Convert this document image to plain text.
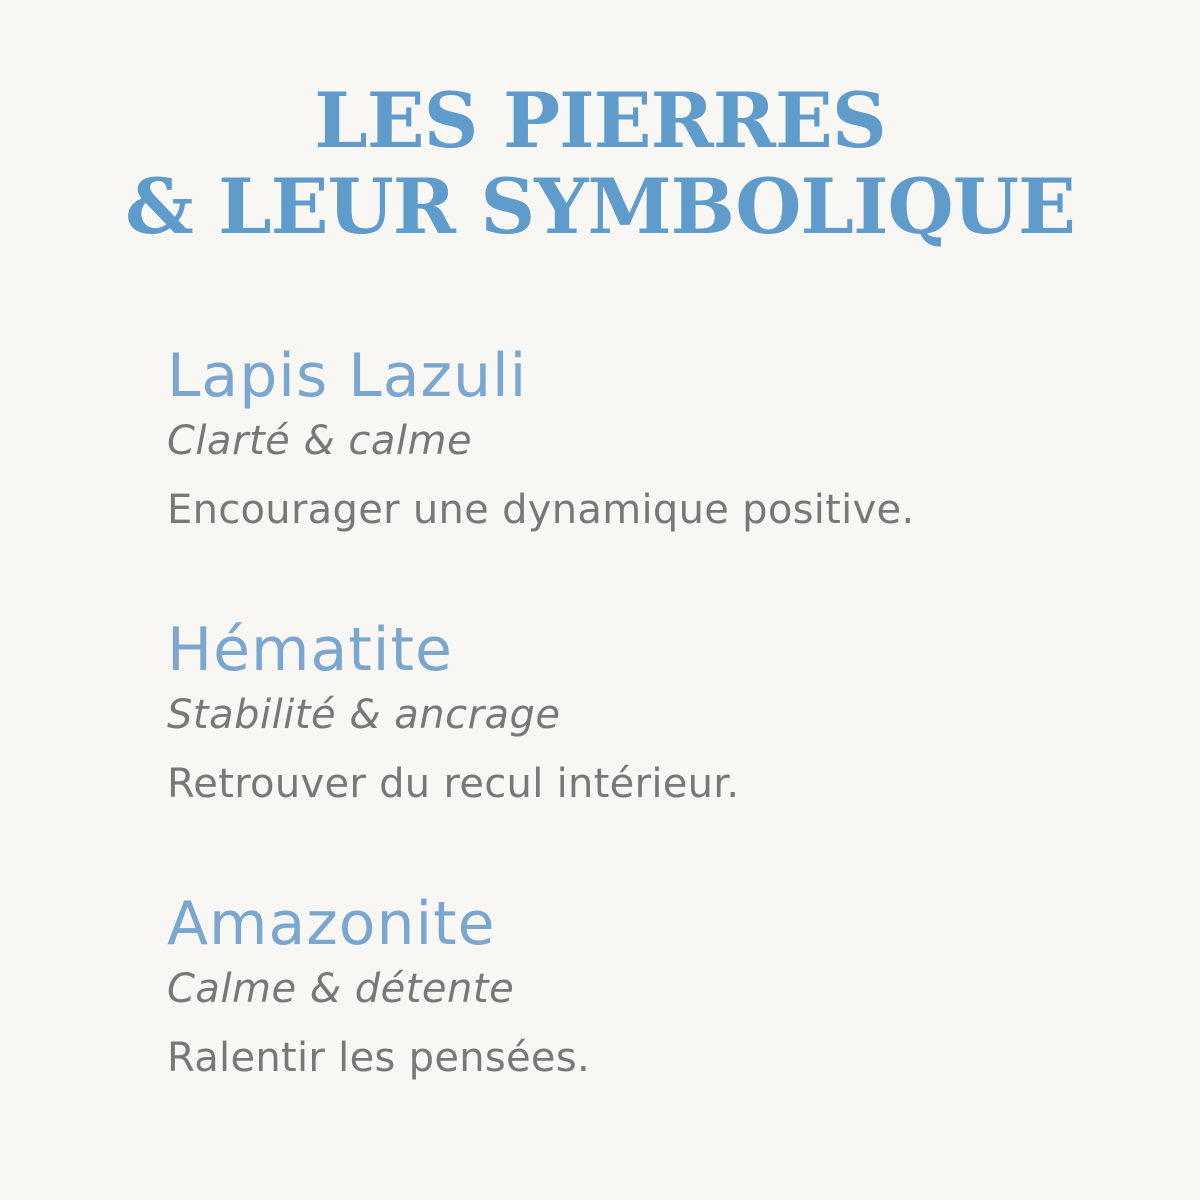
LES PIERRES
& LEUR SYMBOLIQUE

Lapis Lazuli

Clarté & calme

Encourager une dynamique positive.

Hématite

Stabilité & ancrage

Retrouver du recul intérieur.

Amazonite

Calme & détente

Ralentir les pensées.
